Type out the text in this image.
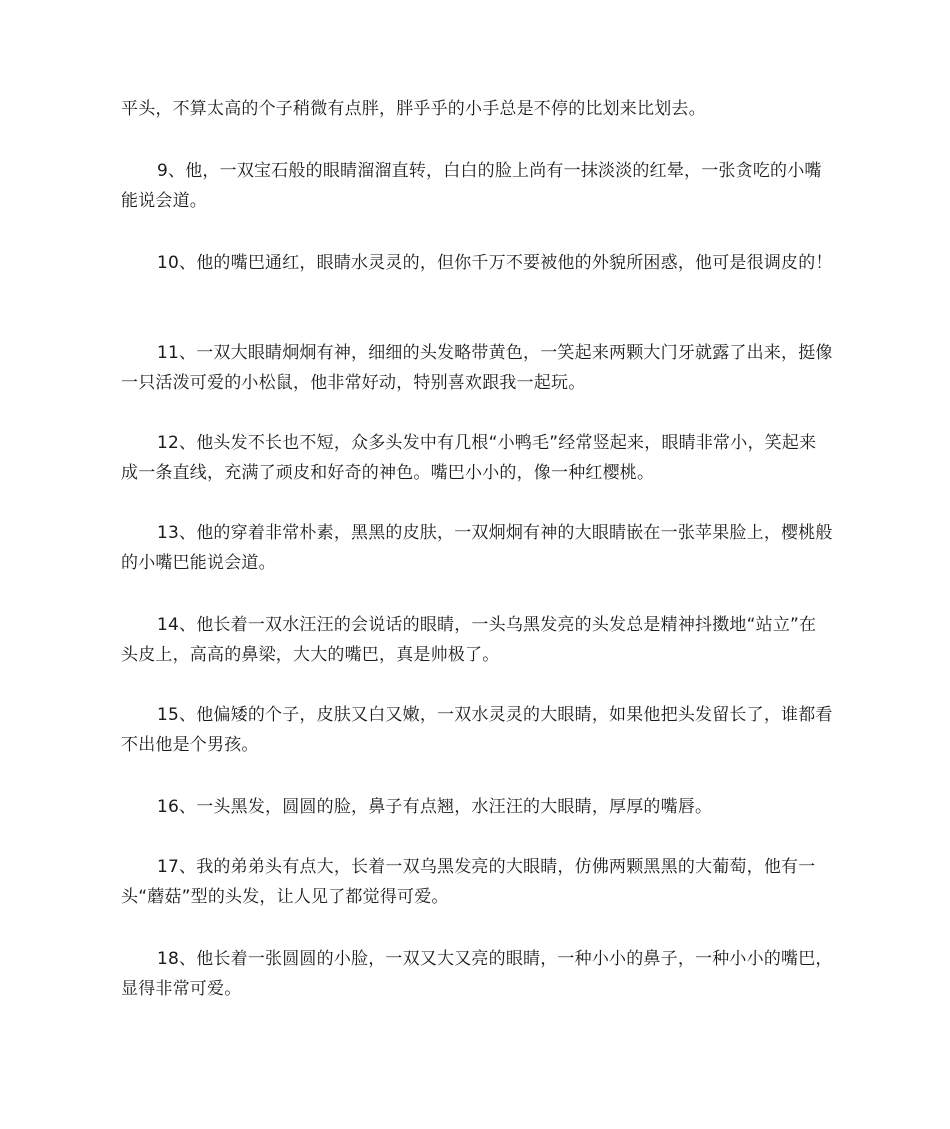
平头，不算太高的个子稍微有点胖，胖乎乎的小手总是不停的比划来比划去。

9、他，一双宝石般的眼睛溜溜直转，白白的脸上尚有一抹淡淡的红晕，一张贪吃的小嘴能说会道。

10、他的嘴巴通红，眼睛水灵灵的，但你千万不要被他的外貌所困惑，他可是很调皮的！

11、一双大眼睛炯炯有神，细细的头发略带黄色，一笑起来两颗大门牙就露了出来，挺像一只活泼可爱的小松鼠，他非常好动，特别喜欢跟我一起玩。

12、他头发不长也不短，众多头发中有几根“小鸭毛”经常竖起来，眼睛非常小，笑起来成一条直线，充满了顽皮和好奇的神色。嘴巴小小的，像一种红樱桃。

13、他的穿着非常朴素，黑黑的皮肤，一双炯炯有神的大眼睛嵌在一张苹果脸上，樱桃般的小嘴巴能说会道。

14、他长着一双水汪汪的会说话的眼睛，一头乌黑发亮的头发总是精神抖擞地“站立”在头皮上，高高的鼻梁，大大的嘴巴，真是帅极了。

15、他偏矮的个子，皮肤又白又嫩，一双水灵灵的大眼睛，如果他把头发留长了，谁都看不出他是个男孩。

16、一头黑发，圆圆的脸，鼻子有点翘，水汪汪的大眼睛，厚厚的嘴唇。

17、我的弟弟头有点大，长着一双乌黑发亮的大眼睛，仿佛两颗黑黑的大葡萄，他有一头“蘑菇”型的头发，让人见了都觉得可爱。

18、他长着一张圆圆的小脸，一双又大又亮的眼睛，一种小小的鼻子，一种小小的嘴巴，显得非常可爱。
